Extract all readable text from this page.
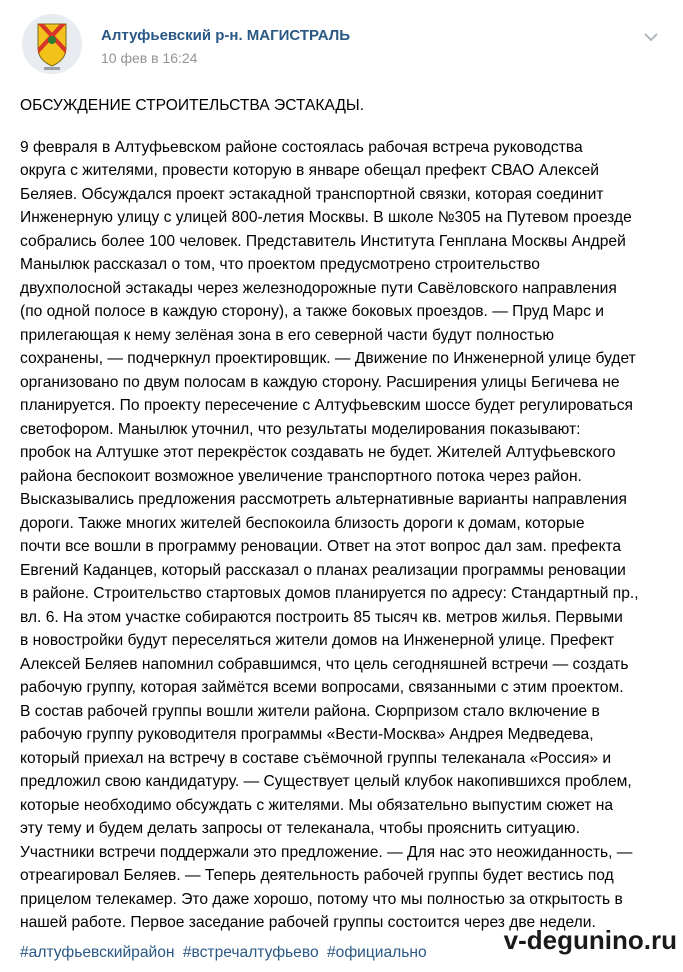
Алтуфьевский р-н. МАГИСТРАЛЬ
10 фев в 16:24
ОБСУЖДЕНИЕ СТРОИТЕЛЬСТВА ЭСТАКАДЫ.
9 февраля в Алтуфьевском районе состоялась рабочая встреча руководства
округа с жителями, провести которую в январе обещал префект СВАО Алексей
Беляев. Обсуждался проект эстакадной транспортной связки, которая соединит
Инженерную улицу с улицей 800-летия Москвы. В школе №305 на Путевом проезде
собрались более 100 человек. Представитель Института Генплана Москвы Андрей
Манылюк рассказал о том, что проектом предусмотрено строительство
двухполосной эстакады через железнодорожные пути Савёловского направления
(по одной полосе в каждую сторону), а также боковых проездов. — Пруд Марс и
прилегающая к нему зелёная зона в его северной части будут полностью
сохранены, — подчеркнул проектировщик. — Движение по Инженерной улице будет
организовано по двум полосам в каждую сторону. Расширения улицы Бегичева не
планируется. По проекту пересечение с Алтуфьевским шоссе будет регулироваться
светофором. Манылюк уточнил, что результаты моделирования показывают:
пробок на Алтушке этот перекрёсток создавать не будет. Жителей Алтуфьевского
района беспокоит возможное увеличение транспортного потока через район.
Высказывались предложения рассмотреть альтернативные варианты направления
дороги. Также многих жителей беспокоила близость дороги к домам, которые
почти все вошли в программу реновации. Ответ на этот вопрос дал зам. префекта
Евгений Каданцев, который рассказал о планах реализации программы реновации
в районе. Строительство стартовых домов планируется по адресу: Стандартный пр.,
вл. 6. На этом участке собираются построить 85 тысяч кв. метров жилья. Первыми
в новостройки будут переселяться жители домов на Инженерной улице. Префект
Алексей Беляев напомнил собравшимся, что цель сегодняшней встречи — создать
рабочую группу, которая займётся всеми вопросами, связанными с этим проектом.
В состав рабочей группы вошли жители района. Сюрпризом стало включение в
рабочую группу руководителя программы «Вести-Москва» Андрея Медведева,
который приехал на встречу в составе съёмочной группы телеканала «Россия» и
предложил свою кандидатуру. — Существует целый клубок накопившихся проблем,
которые необходимо обсуждать с жителями. Мы обязательно выпустим сюжет на
эту тему и будем делать запросы от телеканала, чтобы прояснить ситуацию.
Участники встречи поддержали это предложение. — Для нас это неожиданность, —
отреагировал Беляев. — Теперь деятельность рабочей группы будет вестись под
прицелом телекамер. Это даже хорошо, потому что мы полностью за открытость в
нашей работе. Первое заседание рабочей группы состоится через две недели.
#алтуфьевскийрайон #встречалтуфьево #официально	v-degunino.ru
